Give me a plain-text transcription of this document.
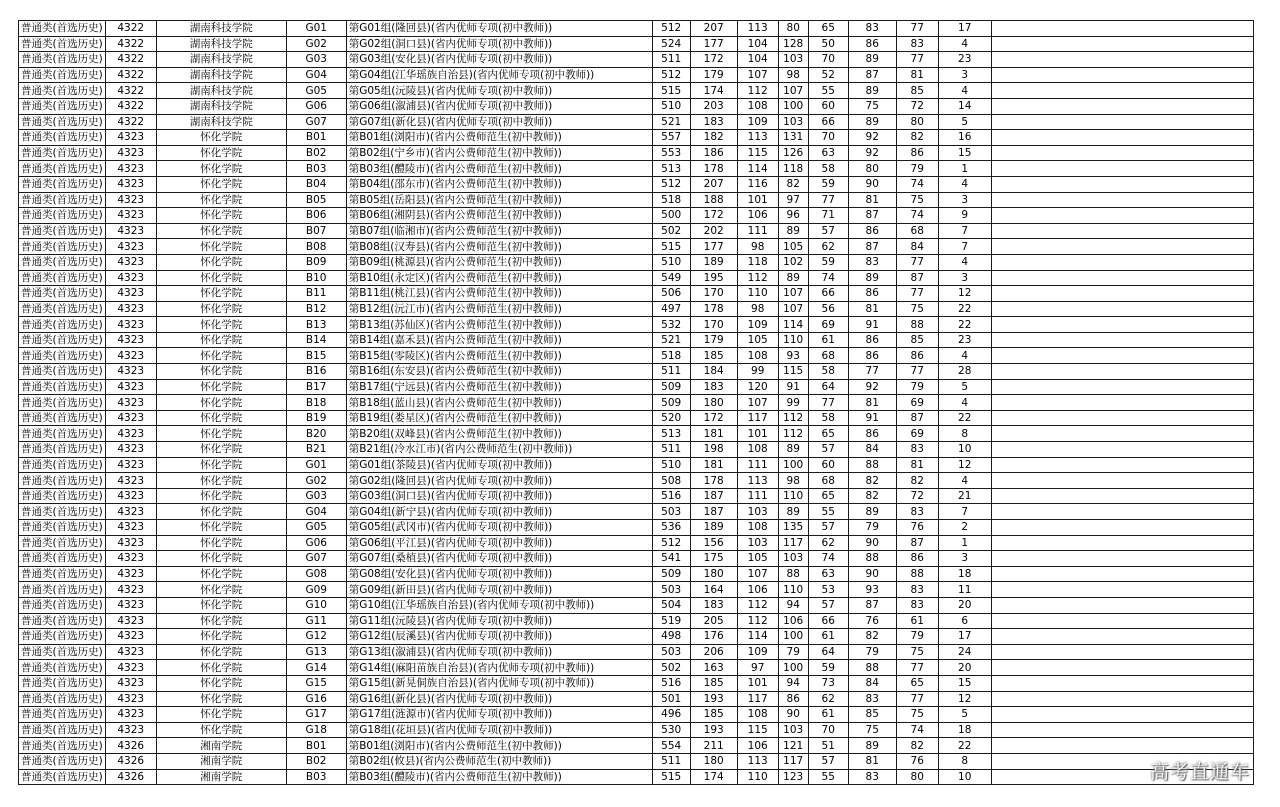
普通类(首选历史)	4322	湖南科技学院	G01	第G01组(隆回县)(省内优师专项(初中教师))	512	207	113	80	65	83	77	17	
普通类(首选历史)	4322	湖南科技学院	G02	第G02组(洞口县)(省内优师专项(初中教师))	524	177	104	128	50	86	83	4	
普通类(首选历史)	4322	湖南科技学院	G03	第G03组(安化县)(省内优师专项(初中教师))	511	172	104	103	70	89	77	23	
普通类(首选历史)	4322	湖南科技学院	G04	第G04组(江华瑶族自治县)(省内优师专项(初中教师))	512	179	107	98	52	87	81	3	
普通类(首选历史)	4322	湖南科技学院	G05	第G05组(沅陵县)(省内优师专项(初中教师))	515	174	112	107	55	89	85	4	
普通类(首选历史)	4322	湖南科技学院	G06	第G06组(溆浦县)(省内优师专项(初中教师))	510	203	108	100	60	75	72	14	
普通类(首选历史)	4322	湖南科技学院	G07	第G07组(新化县)(省内优师专项(初中教师))	521	183	109	103	66	89	80	5	
普通类(首选历史)	4323	怀化学院	B01	第B01组(浏阳市)(省内公费师范生(初中教师))	557	182	113	131	70	92	82	16	
普通类(首选历史)	4323	怀化学院	B02	第B02组(宁乡市)(省内公费师范生(初中教师))	553	186	115	126	63	92	86	15	
普通类(首选历史)	4323	怀化学院	B03	第B03组(醴陵市)(省内公费师范生(初中教师))	513	178	114	118	58	80	79	1	
普通类(首选历史)	4323	怀化学院	B04	第B04组(邵东市)(省内公费师范生(初中教师))	512	207	116	82	59	90	74	4	
普通类(首选历史)	4323	怀化学院	B05	第B05组(岳阳县)(省内公费师范生(初中教师))	518	188	101	97	77	81	75	3	
普通类(首选历史)	4323	怀化学院	B06	第B06组(湘阴县)(省内公费师范生(初中教师))	500	172	106	96	71	87	74	9	
普通类(首选历史)	4323	怀化学院	B07	第B07组(临湘市)(省内公费师范生(初中教师))	502	202	111	89	57	86	68	7	
普通类(首选历史)	4323	怀化学院	B08	第B08组(汉寿县)(省内公费师范生(初中教师))	515	177	98	105	62	87	84	7	
普通类(首选历史)	4323	怀化学院	B09	第B09组(桃源县)(省内公费师范生(初中教师))	510	189	118	102	59	83	77	4	
普通类(首选历史)	4323	怀化学院	B10	第B10组(永定区)(省内公费师范生(初中教师))	549	195	112	89	74	89	87	3	
普通类(首选历史)	4323	怀化学院	B11	第B11组(桃江县)(省内公费师范生(初中教师))	506	170	110	107	66	86	77	12	
普通类(首选历史)	4323	怀化学院	B12	第B12组(沅江市)(省内公费师范生(初中教师))	497	178	98	107	56	81	75	22	
普通类(首选历史)	4323	怀化学院	B13	第B13组(苏仙区)(省内公费师范生(初中教师))	532	170	109	114	69	91	88	22	
普通类(首选历史)	4323	怀化学院	B14	第B14组(嘉禾县)(省内公费师范生(初中教师))	521	179	105	110	61	86	85	23	
普通类(首选历史)	4323	怀化学院	B15	第B15组(零陵区)(省内公费师范生(初中教师))	518	185	108	93	68	86	86	4	
普通类(首选历史)	4323	怀化学院	B16	第B16组(东安县)(省内公费师范生(初中教师))	511	184	99	115	58	77	77	28	
普通类(首选历史)	4323	怀化学院	B17	第B17组(宁远县)(省内公费师范生(初中教师))	509	183	120	91	64	92	79	5	
普通类(首选历史)	4323	怀化学院	B18	第B18组(蓝山县)(省内公费师范生(初中教师))	509	180	107	99	77	81	69	4	
普通类(首选历史)	4323	怀化学院	B19	第B19组(娄星区)(省内公费师范生(初中教师))	520	172	117	112	58	91	87	22	
普通类(首选历史)	4323	怀化学院	B20	第B20组(双峰县)(省内公费师范生(初中教师))	513	181	101	112	65	86	69	8	
普通类(首选历史)	4323	怀化学院	B21	第B21组(冷水江市)(省内公费师范生(初中教师))	511	198	108	89	57	84	83	10	
普通类(首选历史)	4323	怀化学院	G01	第G01组(茶陵县)(省内优师专项(初中教师))	510	181	111	100	60	88	81	12	
普通类(首选历史)	4323	怀化学院	G02	第G02组(隆回县)(省内优师专项(初中教师))	508	178	113	98	68	82	82	4	
普通类(首选历史)	4323	怀化学院	G03	第G03组(洞口县)(省内优师专项(初中教师))	516	187	111	110	65	82	72	21	
普通类(首选历史)	4323	怀化学院	G04	第G04组(新宁县)(省内优师专项(初中教师))	503	187	103	89	55	89	83	7	
普通类(首选历史)	4323	怀化学院	G05	第G05组(武冈市)(省内优师专项(初中教师))	536	189	108	135	57	79	76	2	
普通类(首选历史)	4323	怀化学院	G06	第G06组(平江县)(省内优师专项(初中教师))	512	156	103	117	62	90	87	1	
普通类(首选历史)	4323	怀化学院	G07	第G07组(桑植县)(省内优师专项(初中教师))	541	175	105	103	74	88	86	3	
普通类(首选历史)	4323	怀化学院	G08	第G08组(安化县)(省内优师专项(初中教师))	509	180	107	88	63	90	88	18	
普通类(首选历史)	4323	怀化学院	G09	第G09组(新田县)(省内优师专项(初中教师))	503	164	106	110	53	93	83	11	
普通类(首选历史)	4323	怀化学院	G10	第G10组(江华瑶族自治县)(省内优师专项(初中教师))	504	183	112	94	57	87	83	20	
普通类(首选历史)	4323	怀化学院	G11	第G11组(沅陵县)(省内优师专项(初中教师))	519	205	112	106	66	76	61	6	
普通类(首选历史)	4323	怀化学院	G12	第G12组(辰溪县)(省内优师专项(初中教师))	498	176	114	100	61	82	79	17	
普通类(首选历史)	4323	怀化学院	G13	第G13组(溆浦县)(省内优师专项(初中教师))	503	206	109	79	64	79	75	24	
普通类(首选历史)	4323	怀化学院	G14	第G14组(麻阳苗族自治县)(省内优师专项(初中教师))	502	163	97	100	59	88	77	20	
普通类(首选历史)	4323	怀化学院	G15	第G15组(新晃侗族自治县)(省内优师专项(初中教师))	516	185	101	94	73	84	65	15	
普通类(首选历史)	4323	怀化学院	G16	第G16组(新化县)(省内优师专项(初中教师))	501	193	117	86	62	83	77	12	
普通类(首选历史)	4323	怀化学院	G17	第G17组(涟源市)(省内优师专项(初中教师))	496	185	108	90	61	85	75	5	
普通类(首选历史)	4323	怀化学院	G18	第G18组(花垣县)(省内优师专项(初中教师))	530	193	115	103	70	75	74	18	
普通类(首选历史)	4326	湘南学院	B01	第B01组(浏阳市)(省内公费师范生(初中教师))	554	211	106	121	51	89	82	22	
普通类(首选历史)	4326	湘南学院	B02	第B02组(攸县)(省内公费师范生(初中教师))	511	180	113	117	57	81	76	8	
普通类(首选历史)	4326	湘南学院	B03	第B03组(醴陵市)(省内公费师范生(初中教师))	515	174	110	123	55	83	80	10		高考直通车
